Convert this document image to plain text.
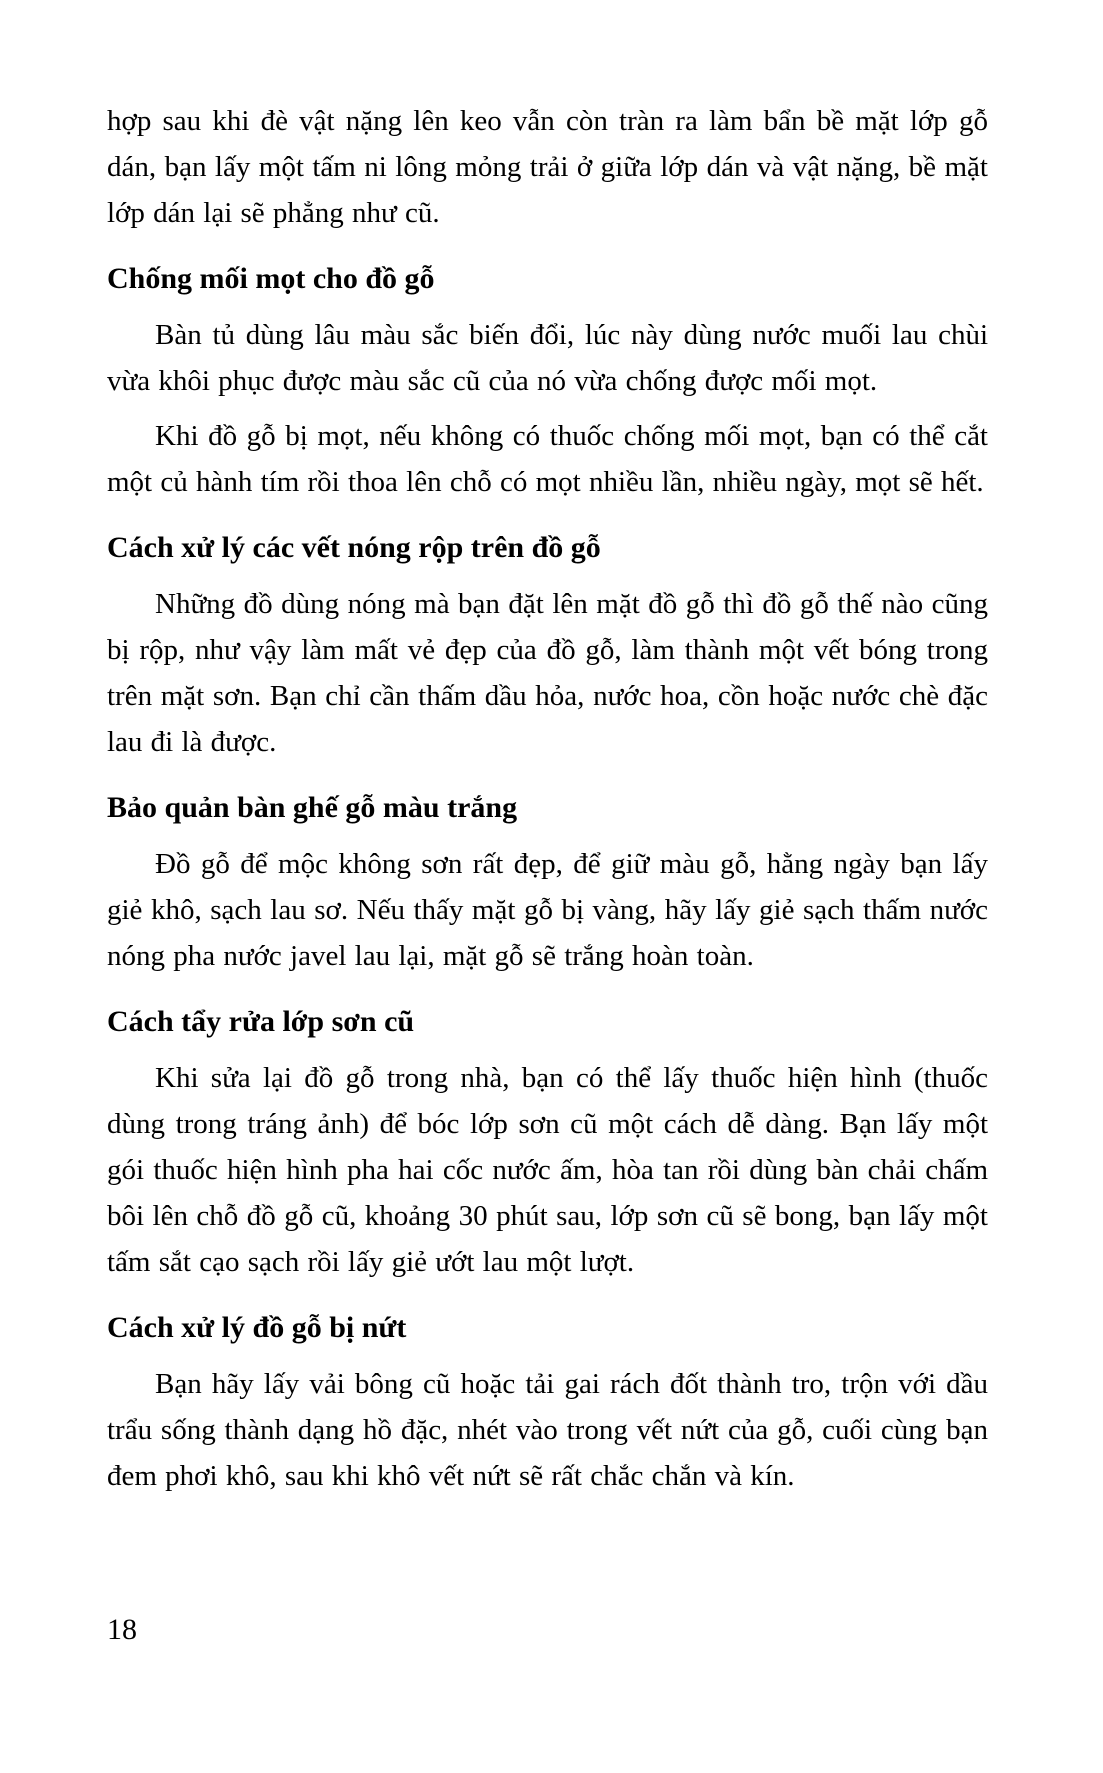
hợp sau khi đè vật nặng lên keo vẫn còn tràn ra làm bẩn bề mặt lớp gỗ dán, bạn lấy một tấm ni lông mỏng trải ở giữa lớp dán và vật nặng, bề mặt lớp dán lại sẽ phẳng như cũ.

Chống mối mọt cho đồ gỗ

Bàn tủ dùng lâu màu sắc biến đổi, lúc này dùng nước muối lau chùi vừa khôi phục được màu sắc cũ của nó vừa chống được mối mọt.

Khi đồ gỗ bị mọt, nếu không có thuốc chống mối mọt, bạn có thể cắt một củ hành tím rồi thoa lên chỗ có mọt nhiều lần, nhiều ngày, mọt sẽ hết.

Cách xử lý các vết nóng rộp trên đồ gỗ

Những đồ dùng nóng mà bạn đặt lên mặt đồ gỗ thì đồ gỗ thế nào cũng bị rộp, như vậy làm mất vẻ đẹp của đồ gỗ, làm thành một vết bóng trong trên mặt sơn. Bạn chỉ cần thấm dầu hỏa, nước hoa, cồn hoặc nước chè đặc lau đi là được.

Bảo quản bàn ghế gỗ màu trắng

Đồ gỗ để mộc không sơn rất đẹp, để giữ màu gỗ, hằng ngày bạn lấy giẻ khô, sạch lau sơ. Nếu thấy mặt gỗ bị vàng, hãy lấy giẻ sạch thấm nước nóng pha nước javel lau lại, mặt gỗ sẽ trắng hoàn toàn.

Cách tẩy rửa lớp sơn cũ

Khi sửa lại đồ gỗ trong nhà, bạn có thể lấy thuốc hiện hình (thuốc dùng trong tráng ảnh) để bóc lớp sơn cũ một cách dễ dàng. Bạn lấy một gói thuốc hiện hình pha hai cốc nước ấm, hòa tan rồi dùng bàn chải chấm bôi lên chỗ đồ gỗ cũ, khoảng 30 phút sau, lớp sơn cũ sẽ bong, bạn lấy một tấm sắt cạo sạch rồi lấy giẻ ướt lau một lượt.

Cách xử lý đồ gỗ bị nứt

Bạn hãy lấy vải bông cũ hoặc tải gai rách đốt thành tro, trộn với dầu trẩu sống thành dạng hồ đặc, nhét vào trong vết nứt của gỗ, cuối cùng bạn đem phơi khô, sau khi khô vết nứt sẽ rất chắc chắn và kín.

18
